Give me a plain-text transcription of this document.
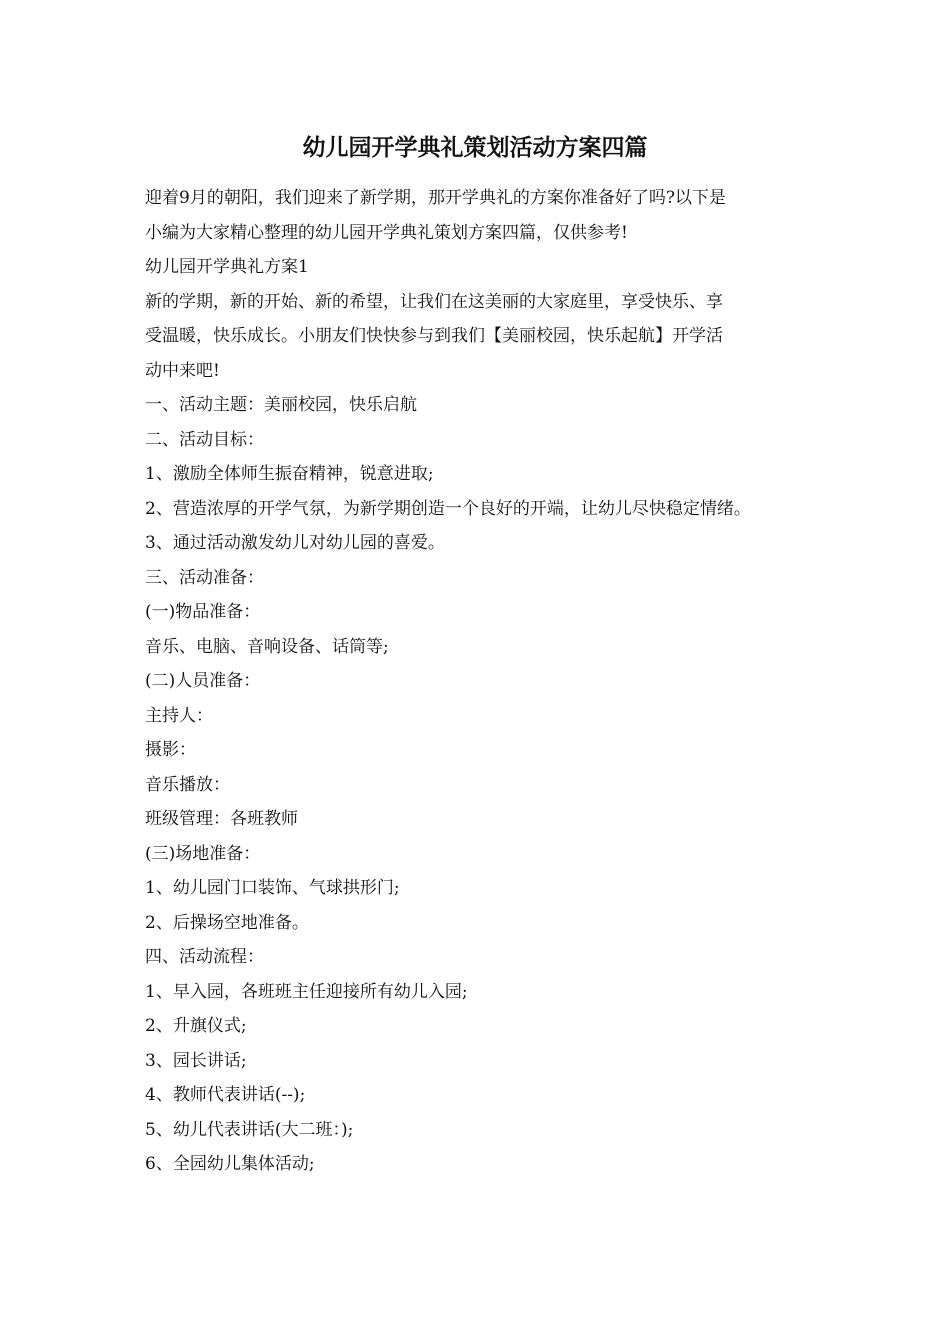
幼儿园开学典礼策划活动方案四篇
迎着9月的朝阳，我们迎来了新学期，那开学典礼的方案你准备好了吗?以下是
小编为大家精心整理的幼儿园开学典礼策划方案四篇，仅供参考!
幼儿园开学典礼方案1
新的学期，新的开始、新的希望，让我们在这美丽的大家庭里，享受快乐、享
受温暖，快乐成长。小朋友们快快参与到我们【美丽校园，快乐起航】开学活
动中来吧!
一、活动主题：美丽校园，快乐启航
二、活动目标：
1、激励全体师生振奋精神，锐意进取;
2、营造浓厚的开学气氛，为新学期创造一个良好的开端，让幼儿尽快稳定情绪。
3、通过活动激发幼儿对幼儿园的喜爱。
三、活动准备：
(一)物品准备：
音乐、电脑、音响设备、话筒等;
(二)人员准备：
主持人：
摄影：
音乐播放：
班级管理：各班教师
(三)场地准备：
1、幼儿园门口装饰、气球拱形门;
2、后操场空地准备。
四、活动流程：
1、早入园，各班班主任迎接所有幼儿入园;
2、升旗仪式;
3、园长讲话;
4、教师代表讲话(--);
5、幼儿代表讲话(大二班：);
6、全园幼儿集体活动;
